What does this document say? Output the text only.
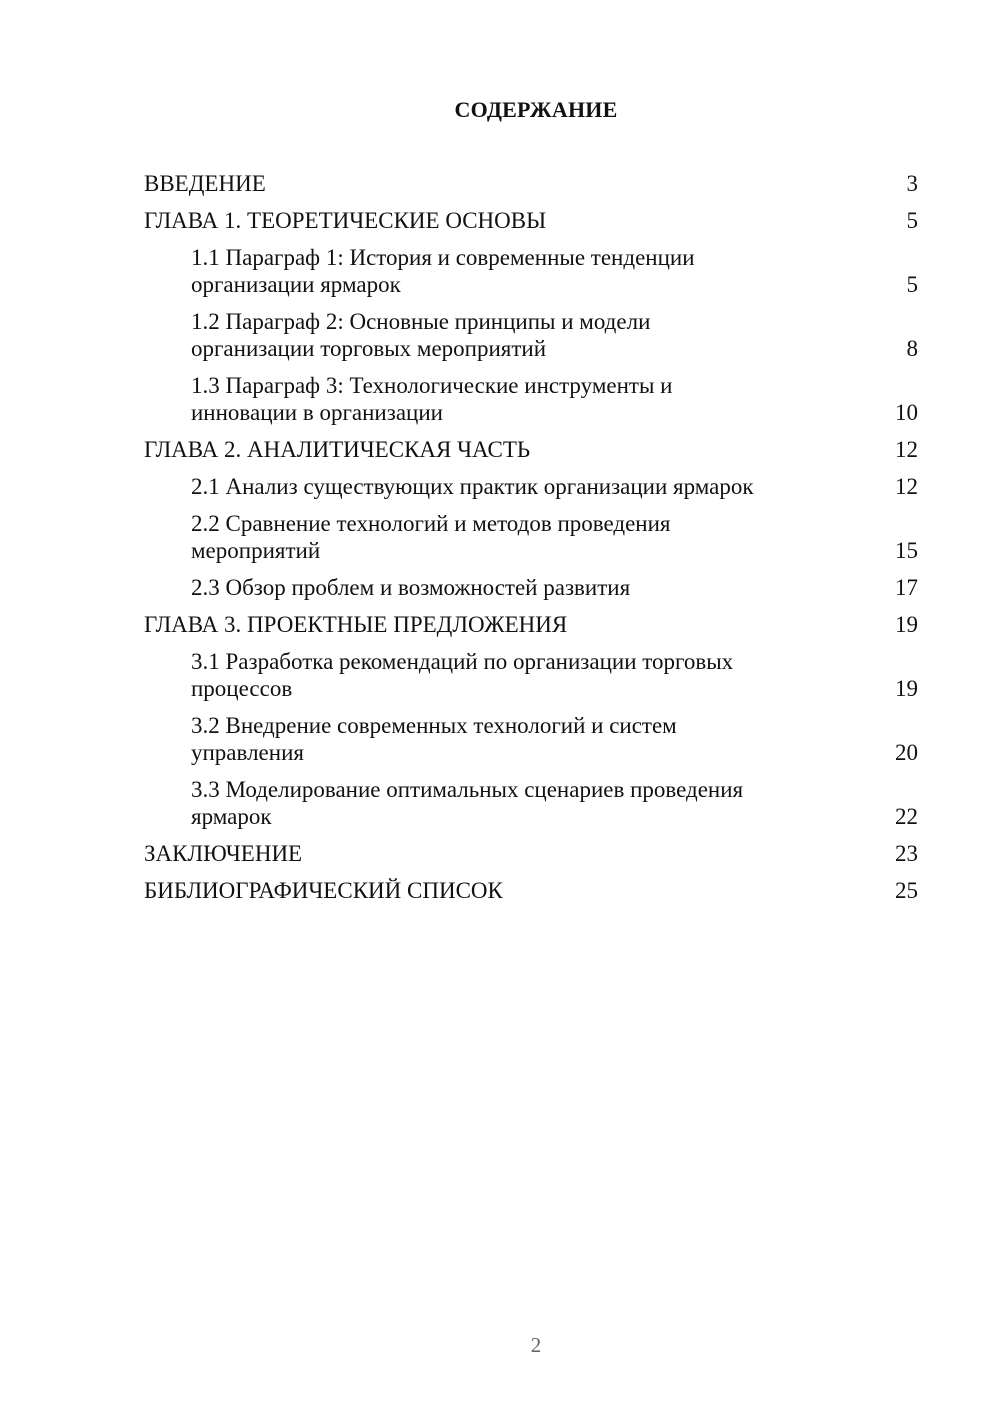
СОДЕРЖАНИЕ
ВВЕДЕНИЕ	3
ГЛАВА 1. ТЕОРЕТИЧЕСКИЕ ОСНОВЫ	5
1.1 Параграф 1: История и современные тенденции
организации ярмарок	5
1.2 Параграф 2: Основные принципы и модели
организации торговых мероприятий	8
1.3 Параграф 3: Технологические инструменты и
инновации в организации	10
ГЛАВА 2. АНАЛИТИЧЕСКАЯ ЧАСТЬ	12
2.1 Анализ существующих практик организации ярмарок	12
2.2 Сравнение технологий и методов проведения
мероприятий	15
2.3 Обзор проблем и возможностей развития	17
ГЛАВА 3. ПРОЕКТНЫЕ ПРЕДЛОЖЕНИЯ	19
3.1 Разработка рекомендаций по организации торговых
процессов	19
3.2 Внедрение современных технологий и систем
управления	20
3.3 Моделирование оптимальных сценариев проведения
ярмарок	22
ЗАКЛЮЧЕНИЕ	23
БИБЛИОГРАФИЧЕСКИЙ СПИСОК	25
2
